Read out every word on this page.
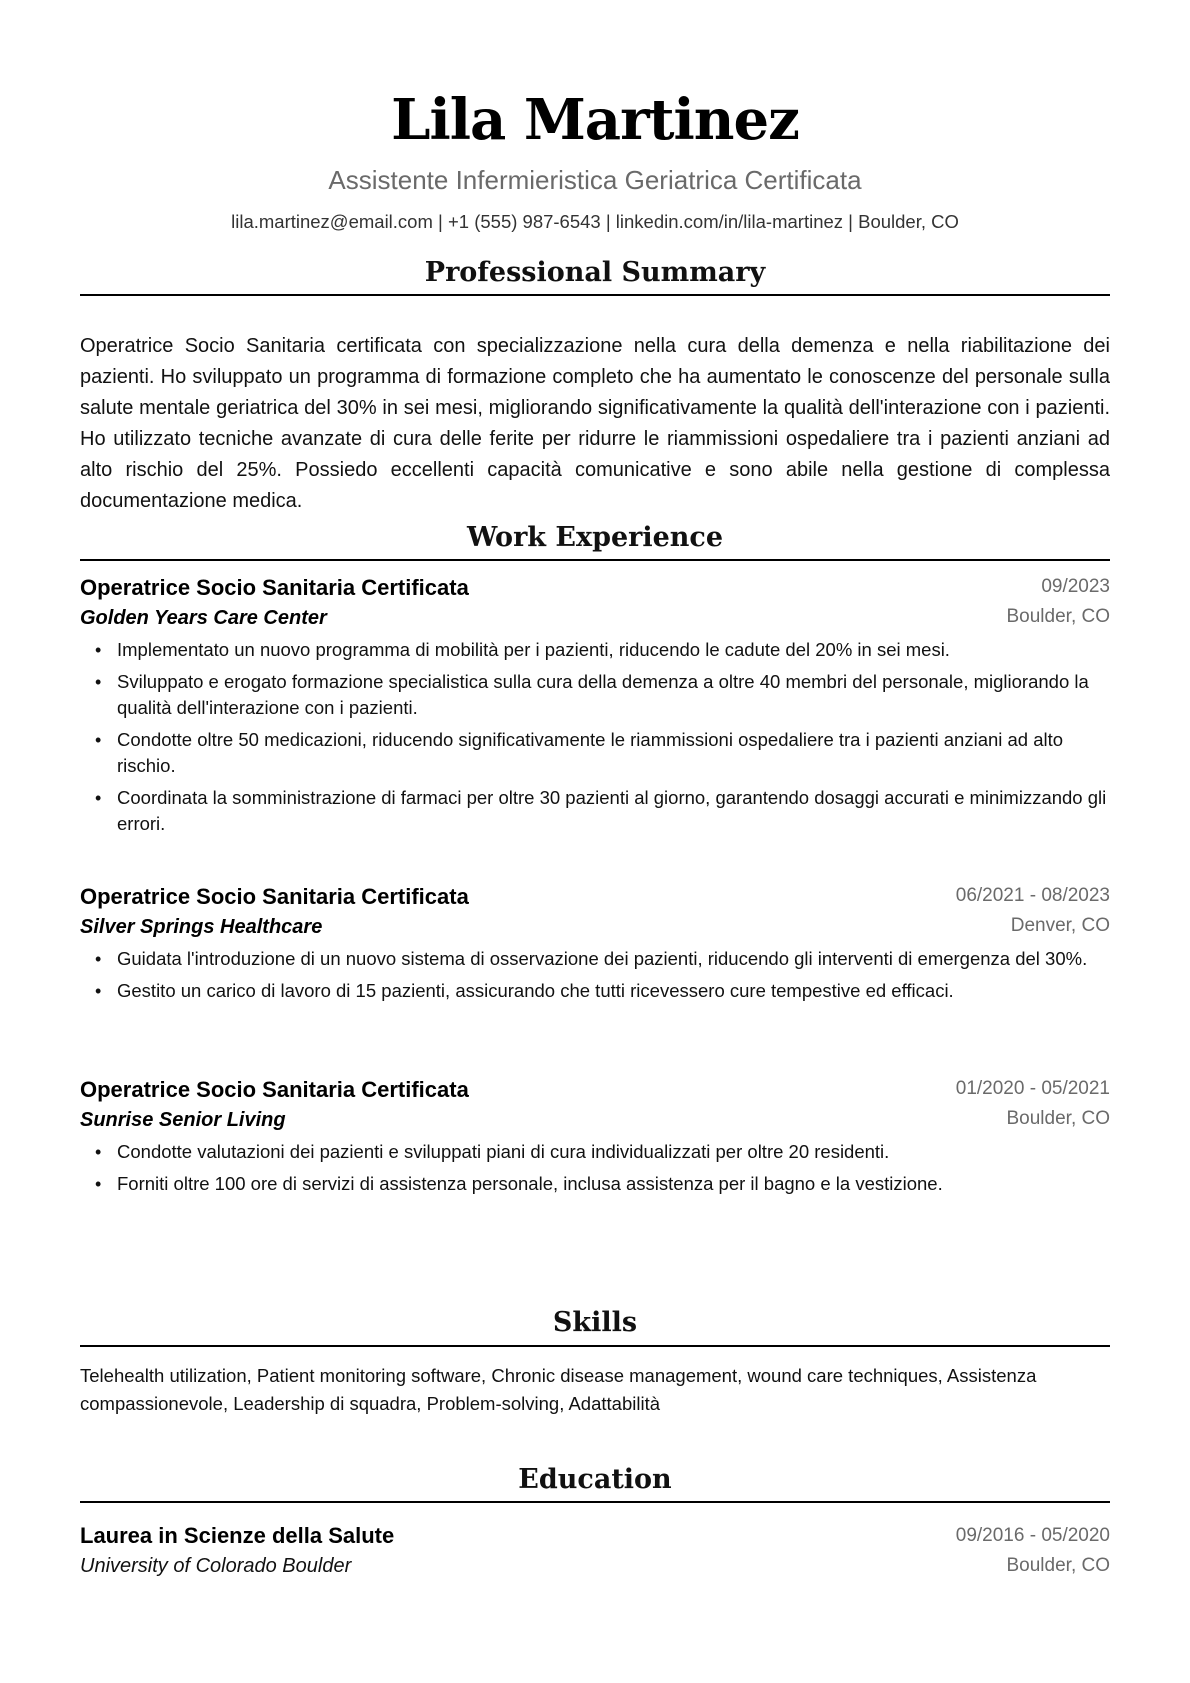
Lila Martinez
Assistente Infermieristica Geriatrica Certificata
lila.martinez@email.com | +1 (555) 987-6543 | linkedin.com/in/lila-martinez | Boulder, CO
Professional Summary
Operatrice Socio Sanitaria certificata con specializzazione nella cura della demenza e nella riabilitazione dei pazienti. Ho sviluppato un programma di formazione completo che ha aumentato le conoscenze del personale sulla salute mentale geriatrica del 30% in sei mesi, migliorando significativamente la qualità dell'interazione con i pazienti. Ho utilizzato tecniche avanzate di cura delle ferite per ridurre le riammissioni ospedaliere tra i pazienti anziani ad alto rischio del 25%. Possiedo eccellenti capacità comunicative e sono abile nella gestione di complessa documentazione medica.
Work Experience
Operatrice Socio Sanitaria Certificata	09/2023
Golden Years Care Center	Boulder, CO
• Implementato un nuovo programma di mobilità per i pazienti, riducendo le cadute del 20% in sei mesi.
• Sviluppato e erogato formazione specialistica sulla cura della demenza a oltre 40 membri del personale, migliorando la qualità dell'interazione con i pazienti.
• Condotte oltre 50 medicazioni, riducendo significativamente le riammissioni ospedaliere tra i pazienti anziani ad alto rischio.
• Coordinata la somministrazione di farmaci per oltre 30 pazienti al giorno, garantendo dosaggi accurati e minimizzando gli errori.
Operatrice Socio Sanitaria Certificata	06/2021 - 08/2023
Silver Springs Healthcare	Denver, CO
• Guidata l'introduzione di un nuovo sistema di osservazione dei pazienti, riducendo gli interventi di emergenza del 30%.
• Gestito un carico di lavoro di 15 pazienti, assicurando che tutti ricevessero cure tempestive ed efficaci.
Operatrice Socio Sanitaria Certificata	01/2020 - 05/2021
Sunrise Senior Living	Boulder, CO
• Condotte valutazioni dei pazienti e sviluppati piani di cura individualizzati per oltre 20 residenti.
• Forniti oltre 100 ore di servizi di assistenza personale, inclusa assistenza per il bagno e la vestizione.
Skills
Telehealth utilization, Patient monitoring software, Chronic disease management, wound care techniques, Assistenza compassionevole, Leadership di squadra, Problem-solving, Adattabilità
Education
Laurea in Scienze della Salute	09/2016 - 05/2020
University of Colorado Boulder	Boulder, CO
